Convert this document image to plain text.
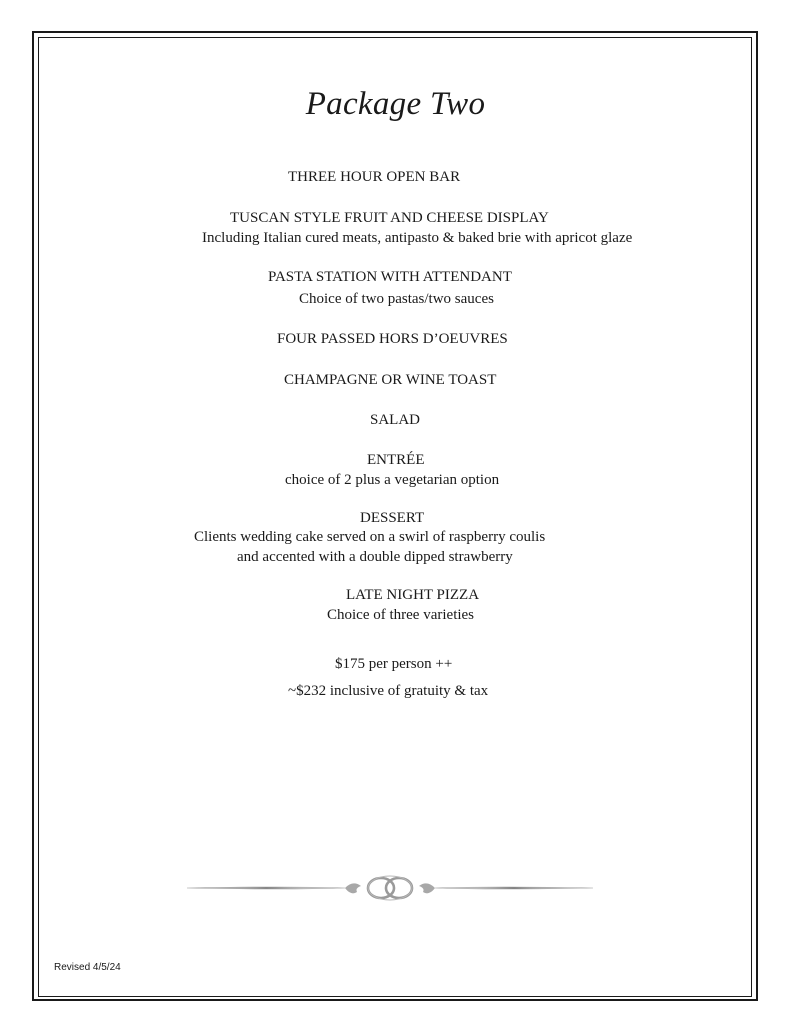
Package Two
THREE HOUR OPEN BAR
TUSCAN STYLE FRUIT AND CHEESE DISPLAY
Including Italian cured meats, antipasto & baked brie with apricot glaze
PASTA STATION WITH ATTENDANT
Choice of two pastas/two sauces
FOUR PASSED HORS D’OEUVRES
CHAMPAGNE OR WINE TOAST
SALAD
ENTRÉE
choice of 2 plus a vegetarian option
DESSERT
Clients wedding cake served on a swirl of raspberry coulis
and accented with a double dipped strawberry
LATE NIGHT PIZZA
Choice of three varieties
$175 per person ++
~$232 inclusive of gratuity & tax
Revised 4/5/24
